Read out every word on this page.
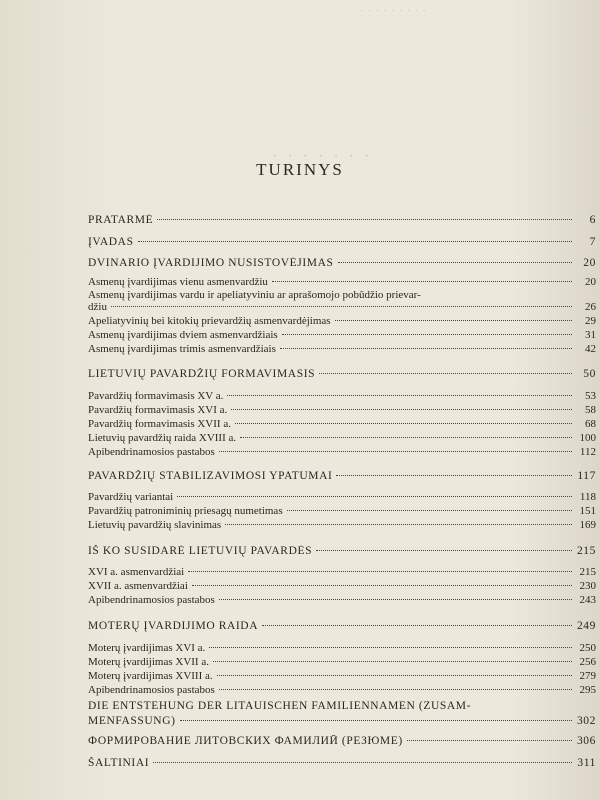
· · · · · · · · ·
· · · · · · ·
TURINYS
PRATARMĖ	6
ĮVADAS	7
DVINARIO ĮVARDIJIMO NUSISTOVĖJIMAS	20
Asmenų įvardijimas vienu asmenvardžiu	20
Asmenų įvardijimas vardu ir apeliatyviniu ar aprašomojo pobūdžio prievar-
džiu	26
Apeliatyvinių bei kitokių prievardžių asmenvardėjimas	29
Asmenų įvardijimas dviem asmenvardžiais	31
Asmenų įvardijimas trimis asmenvardžiais	42
LIETUVIŲ PAVARDŽIŲ FORMAVIMASIS	50
Pavardžių formavimasis XV a.	53
Pavardžių formavimasis XVI a.	58
Pavardžių formavimasis XVII a.	68
Lietuvių pavardžių raida XVIII a.	100
Apibendrinamosios pastabos	112
PAVARDŽIŲ STABILIZAVIMOSI YPATUMAI	117
Pavardžių variantai	118
Pavardžių patroniminių priesagų numetimas	151
Lietuvių pavardžių slavinimas	169
IŠ KO SUSIDARĖ LIETUVIŲ PAVARDĖS	215
XVI a. asmenvardžiai	215
XVII a. asmenvardžiai	230
Apibendrinamosios pastabos	243
MOTERŲ ĮVARDIJIMO RAIDA	249
Moterų įvardijimas XVI a.	250
Moterų įvardijimas XVII a.	256
Moterų įvardijimas XVIII a.	279
Apibendrinamosios pastabos	295
DIE ENTSTEHUNG DER LITAUISCHEN FAMILIENNAMEN (ZUSAM-
MENFASSUNG)	302
ФОРМИРОВАНИЕ ЛИТОВСКИХ ФАМИЛИЙ (РЕЗЮМЕ)	306
ŠALTINIAI	311
